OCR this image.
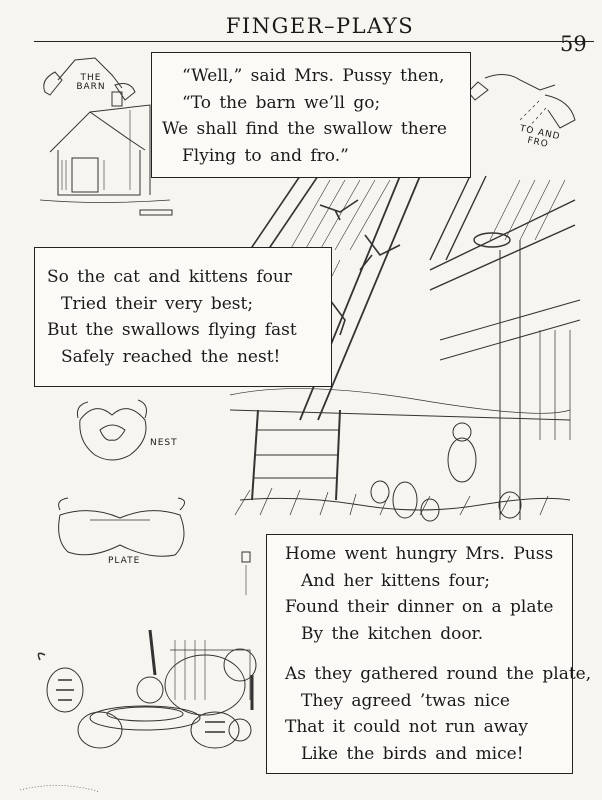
THE BARN
TO AND FRO
NEST
PLATE
FINGER–PLAYS
59
“Well,” said Mrs. Pussy then,
“To the barn we’ll go;
We shall find the swallow there
Flying to and fro.”
So the cat and kittens four
Tried their very best;
But the swallows flying fast
Safely reached the nest!
Home went hungry Mrs. Puss
And her kittens four;
Found their dinner on a plate
By the kitchen door.
As they gathered round the plate,
They agreed ’twas nice
That it could not run away
Like the birds and mice!
